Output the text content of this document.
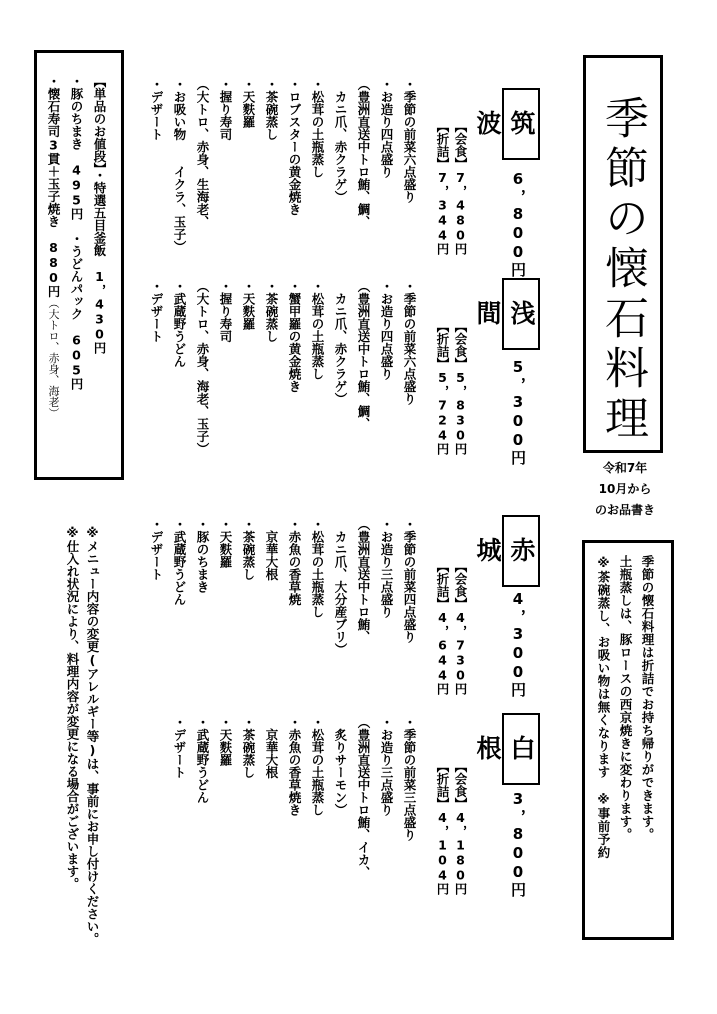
季節の懐石料理
令和7年
10月から
のお品書き
季節の懐石料理は折詰でお持ち帰りができます。
土瓶蒸しは、豚ロースの西京焼きに変わります。
※茶碗蒸し、お吸い物は無くなります　※事前予約
筑波
6，800円
【会食】7，480円
【折詰】7，344円
・季節の前菜六点盛り
・お造り四点盛り
（豊洲直送中トロ鮪、鯛、
　カニ爪、赤クラゲ）
・松茸の土瓶蒸し
・ロブスターの黄金焼き
・茶碗蒸し
・天麩羅
・握り寿司
（大トロ、赤身、生海老、
・お吸い物　　イクラ、玉子）
・デザート
浅間
5，300円
【会食】5，830円
【折詰】5，724円
・季節の前菜六点盛り
・お造り四点盛り
（豊洲直送中トロ鮪、鯛、
　カニ爪、赤クラゲ）
・松茸の土瓶蒸し
・蟹甲羅の黄金焼き
・茶碗蒸し
・天麩羅
・握り寿司
（大トロ、赤身、海老、玉子）
・武蔵野うどん
・デザート
赤城
4，300円
【会食】4，730円
【折詰】4，644円
・季節の前菜四点盛り
・お造り三点盛り
（豊洲直送中トロ鮪、
　カニ爪、大分産ブリ）
・松茸の土瓶蒸し
・赤魚の香草焼
　京華大根
・茶碗蒸し
・天麩羅
・豚のちまき
・武蔵野うどん
・デザート
白根
3，800円
【会食】4，180円
【折詰】4，104円
・季節の前菜三点盛り
・お造り三点盛り
（豊洲直送中トロ鮪、イカ、
　炙りサーモン）
・松茸の土瓶蒸し
・赤魚の香草焼き
　京華大根
・茶碗蒸し
・天麩羅
・武蔵野うどん
・デザート
【単品のお値段】・特選五目釜飯　1，430円
・豚のちまき　495円　・うどんパック　605円
・懐石寿司3貫＋玉子焼き　880円（大トロ、赤身、海老）
※メニュー内容の変更(アレルギー等)は、事前にお申し付けください。
※仕入れ状況により、料理内容が変更になる場合がございます。
